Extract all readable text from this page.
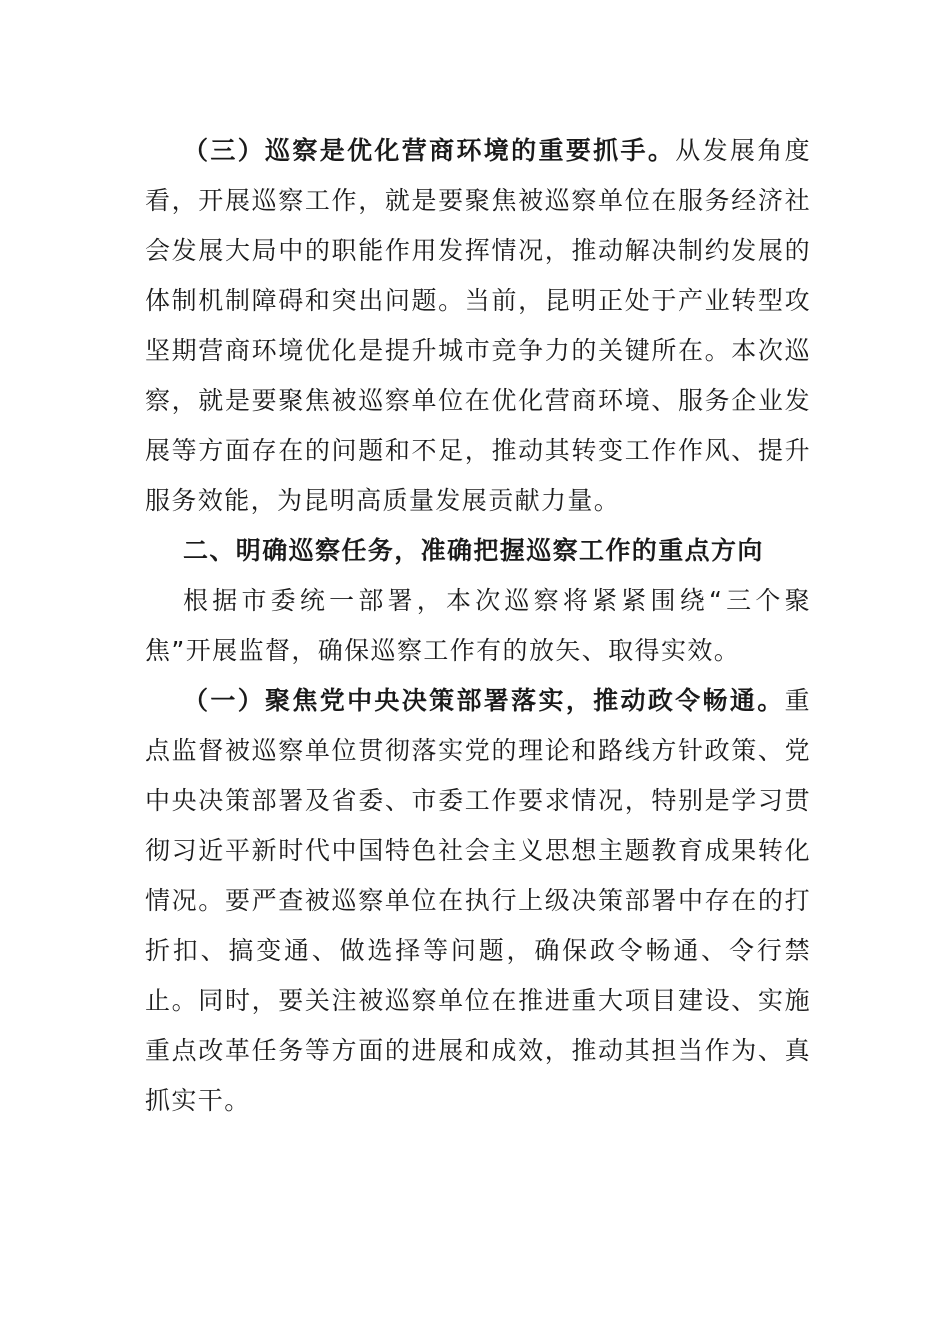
（三）巡察是优化营商环境的重要抓手。从发展角度看，开展巡察工作，就是要聚焦被巡察单位在服务经济社会发展大局中的职能作用发挥情况，推动解决制约发展的体制机制障碍和突出问题。当前，昆明正处于产业转型攻坚期营商环境优化是提升城市竞争力的关键所在。本次巡察，就是要聚焦被巡察单位在优化营商环境、服务企业发展等方面存在的问题和不足，推动其转变工作作风、提升服务效能，为昆明高质量发展贡献力量。

二、明确巡察任务，准确把握巡察工作的重点方向

根据市委统一部署，本次巡察将紧紧围绕“三个聚焦”开展监督，确保巡察工作有的放矢、取得实效。

（一）聚焦党中央决策部署落实，推动政令畅通。重点监督被巡察单位贯彻落实党的理论和路线方针政策、党中央决策部署及省委、市委工作要求情况，特别是学习贯彻习近平新时代中国特色社会主义思想主题教育成果转化情况。要严查被巡察单位在执行上级决策部署中存在的打折扣、搞变通、做选择等问题，确保政令畅通、令行禁止。同时，要关注被巡察单位在推进重大项目建设、实施重点改革任务等方面的进展和成效，推动其担当作为、真抓实干。
